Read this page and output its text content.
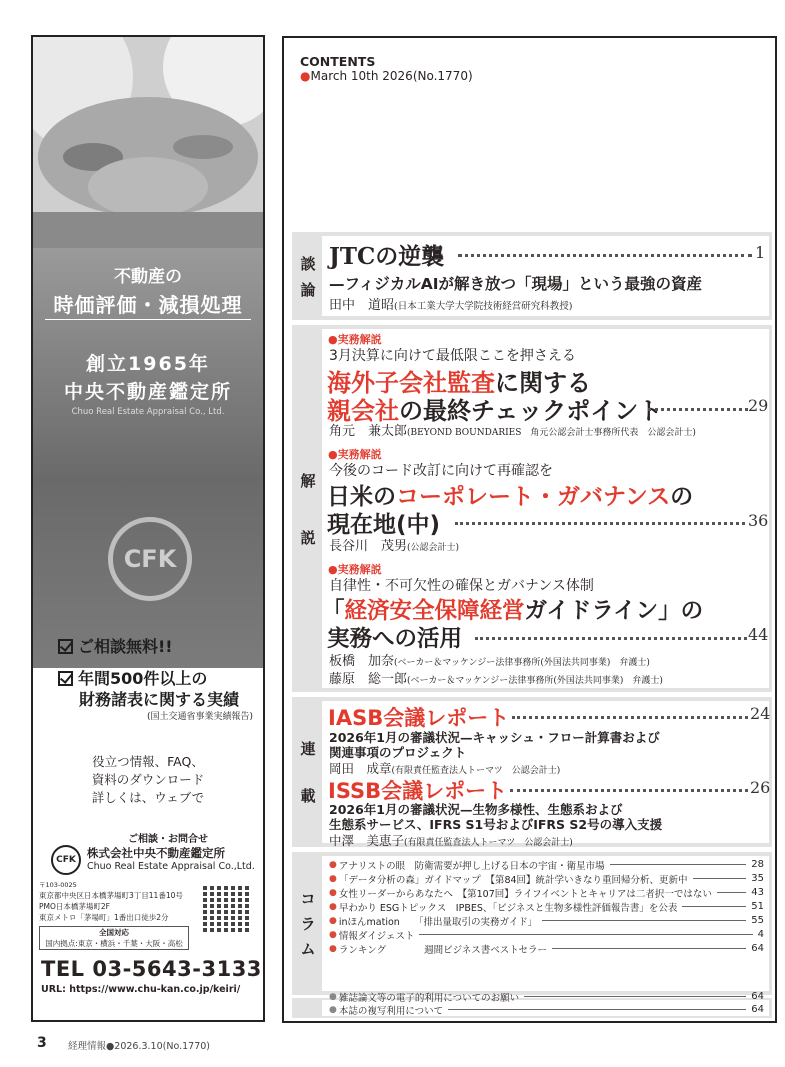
不動産の
時価評価・減損処理
創立1965年
中央不動産鑑定所
Chuo Real Estate Appraisal Co., Ltd.
CFK
ご相談無料!!
年間500件以上の
財務諸表に関する実績
(国土交通省事業実績報告)
役立つ情報、FAQ、
資料のダウンロード
詳しくは、ウェブで
ご相談・お問合せ
CFK 株式会社中央不動産鑑定所
Chuo Real Estate Appraisal Co.,Ltd.
〒103-0025
東京都中央区日本橋茅場町3丁目11番10号
PMO日本橋茅場町2F
東京メトロ「茅場町」1番出口徒歩2分
全国対応
国内拠点:東京・横浜・千葉・大阪・高松
TEL 03-5643-3133
URL: https://www.chu-kan.co.jp/keiri/
CONTENTS
●March 10th 2026(No.1770)
談
論
解
説
連
載
コ
ラ
ム
JTCの逆襲	1
—フィジカルAIが解き放つ「現場」という最強の資産
田中　道昭(日本工業大学大学院技術経営研究科教授)
●実務解説
3月決算に向けて最低限ここを押さえる
海外子会社監査に関する
親会社の最終チェックポイント	29
角元　兼太郎(BEYOND BOUNDARIES　角元公認会計士事務所代表　公認会計士)
●実務解説
今後のコード改訂に向けて再確認を
日米のコーポレート・ガバナンスの
現在地(中)	36
長谷川　茂男(公認会計士)
●実務解説
自律性・不可欠性の確保とガバナンス体制
「経済安全保障経営ガイドライン」の
実務への活用	44
板橋　加奈(ベーカー＆マッケンジー法律事務所(外国法共同事業)　弁護士)
藤原　総一郎(ベーカー＆マッケンジー法律事務所(外国法共同事業)　弁護士)
IASB会議レポート	24
2026年1月の審議状況—キャッシュ・フロー計算書および
関連事項のプロジェクト
岡田　成章(有限責任監査法人トーマツ　公認会計士)
ISSB会議レポート	26
2026年1月の審議状況—生物多様性、生態系および
生態系サービス、IFRS S1号およびIFRS S2号の導入支援
中澤　美恵子(有限責任監査法人トーマツ　公認会計士)
● アナリストの眼　防衛需要が押し上げる日本の宇宙・衛星市場	28
● 「データ分析の森」ガイドマップ　【第84回】統計学いきなり重回帰分析、更新中	35
● 女性リーダーからあなたへ　【第107回】ライフイベントとキャリアは二者択一ではない	43
● 早わかり ESGトピックス　IPBES、「ビジネスと生物多様性評価報告書」を公表	51
● inほんmation　　「排出量取引の実務ガイド」	55
● 情報ダイジェスト	4
● ランキング　　　　週間ビジネス書ベストセラー	64
● 雑誌論文等の電子的利用についてのお願い	64
● 本誌の複写利用について	64
3 経理情報●2026.3.10(No.1770)
